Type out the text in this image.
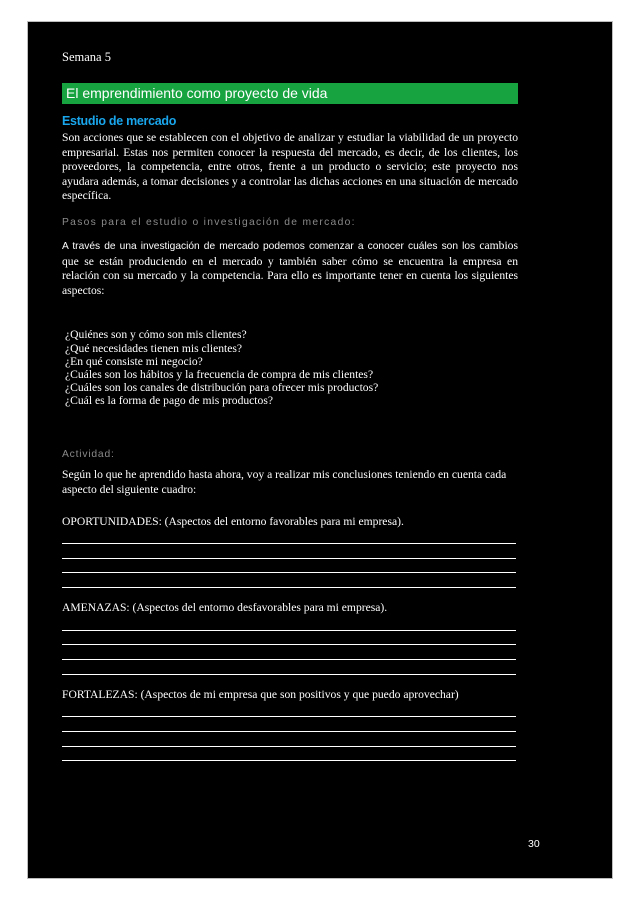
Semana 5

El emprendimiento como proyecto de vida

Estudio de mercado

Son acciones que se establecen con el objetivo de analizar y estudiar la viabilidad de un proyecto empresarial. Estas nos permiten conocer la respuesta del mercado, es decir, de los clientes, los proveedores, la competencia, entre otros, frente a un producto o servicio; este proyecto nos ayudara además, a tomar decisiones y a controlar las dichas acciones en una situación de mercado específica.

Pasos para el estudio o investigación de mercado:

A través de una investigación de mercado podemos comenzar a conocer cuáles son los cambios que se están produciendo en el mercado y también saber cómo se encuentra la empresa en relación con su mercado y la competencia. Para ello es importante tener en cuenta los siguientes aspectos:

¿Quiénes son y cómo son mis clientes?
¿Qué necesidades tienen mis clientes?
¿En qué consiste mi negocio?
¿Cuáles son los hábitos y la frecuencia de compra de mis clientes?
¿Cuáles son los canales de distribución para ofrecer mis productos?
¿Cuál es la forma de pago de mis productos?

Actividad:

Según lo que he aprendido hasta ahora, voy a realizar mis conclusiones teniendo en cuenta cada aspecto del siguiente cuadro:

OPORTUNIDADES: (Aspectos del entorno favorables para mi empresa).

AMENAZAS: (Aspectos del entorno desfavorables para mi empresa).

FORTALEZAS: (Aspectos de mi empresa que son positivos y que puedo aprovechar)

30
